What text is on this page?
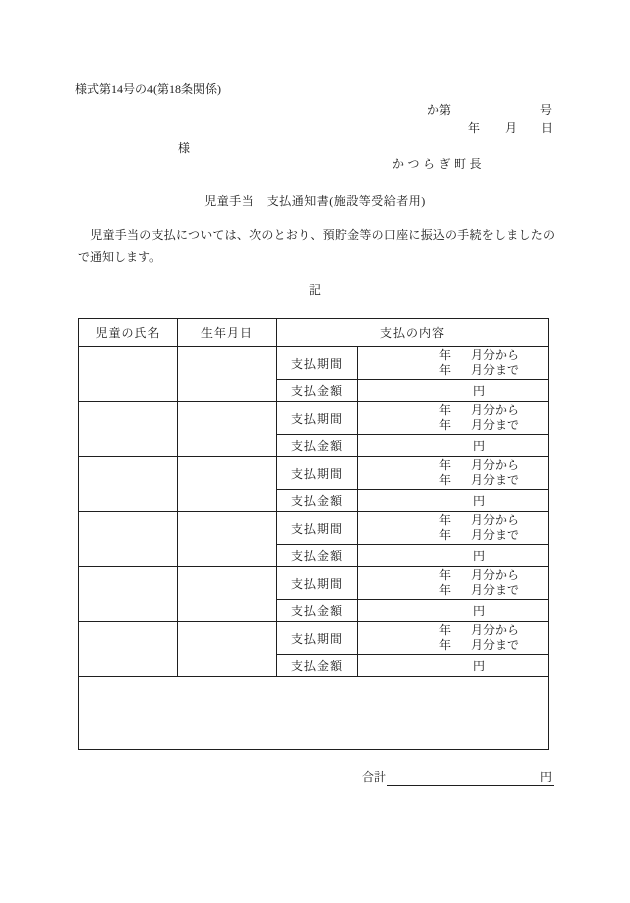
様式第14号の4(第18条関係)
か第	号
年 月 日
様
かつらぎ町長
児童手当　支払通知書(施設等受給者用)
　児童手当の支払については、次のとおり、預貯金等の口座に振込の手続をしましたので通知します。
記
児童の氏名	生年月日	支払の内容	
		支払期間	年 月分から
年 月分まで

		支払金額	円
		支払期間	年 月分から
年 月分まで

		支払金額	円
		支払期間	年 月分から
年 月分まで

		支払金額	円
		支払期間	年 月分から
年 月分まで

		支払金額	円
		支払期間	年 月分から
年 月分まで

		支払金額	円
		支払期間	年 月分から
年 月分まで

		支払金額	円

合計	円
